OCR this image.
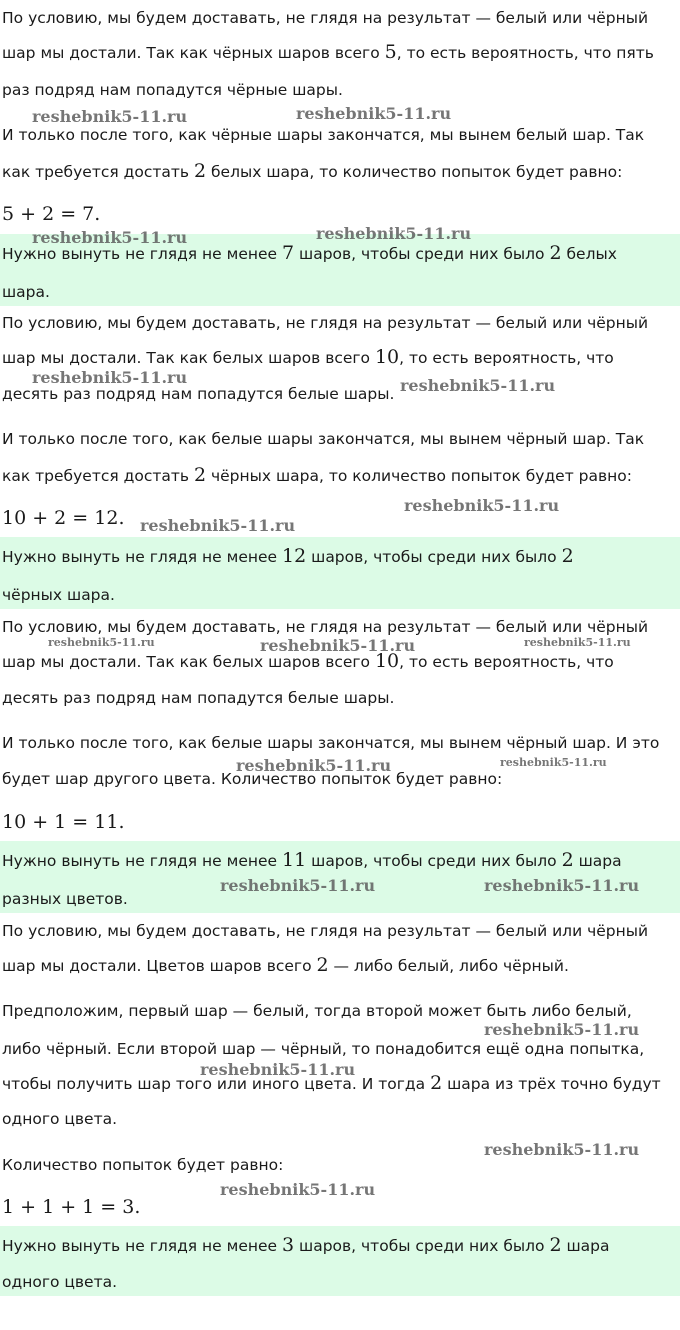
По условию, мы будем доставать, не глядя на результат — белый или чёрный
шар мы достали. Так как чёрных шаров всего 5, то есть вероятность, что пять
раз подряд нам попадутся чёрные шары.
И только после того, как чёрные шары закончатся, мы вынем белый шар. Так
как требуется достать 2 белых шара, то количество попыток будет равно:
5 + 2 = 7.
Нужно вынуть не глядя не менее 7 шаров, чтобы среди них было 2 белых
шара.
По условию, мы будем доставать, не глядя на результат — белый или чёрный
шар мы достали. Так как белых шаров всего 10, то есть вероятность, что
десять раз подряд нам попадутся белые шары.
И только после того, как белые шары закончатся, мы вынем чёрный шар. Так
как требуется достать 2 чёрных шара, то количество попыток будет равно:
10 + 2 = 12.
Нужно вынуть не глядя не менее 12 шаров, чтобы среди них было 2
чёрных шара.
По условию, мы будем доставать, не глядя на результат — белый или чёрный
шар мы достали. Так как белых шаров всего 10, то есть вероятность, что
десять раз подряд нам попадутся белые шары.
И только после того, как белые шары закончатся, мы вынем чёрный шар. И это
будет шар другого цвета. Количество попыток будет равно:
10 + 1 = 11.
Нужно вынуть не глядя не менее 11 шаров, чтобы среди них было 2 шара
разных цветов.
По условию, мы будем доставать, не глядя на результат — белый или чёрный
шар мы достали. Цветов шаров всего 2 — либо белый, либо чёрный.
Предположим, первый шар — белый, тогда второй может быть либо белый,
либо чёрный. Если второй шар — чёрный, то понадобится ещё одна попытка,
чтобы получить шар того или иного цвета. И тогда 2 шара из трёх точно будут
одного цвета.
Количество попыток будет равно:
1 + 1 + 1 = 3.
Нужно вынуть не глядя не менее 3 шаров, чтобы среди них было 2 шара
одного цвета.
reshebnik5-11.ru	reshebnik5-11.ru
reshebnik5-11.ru	reshebnik5-11.ru
reshebnik5-11.ru	reshebnik5-11.ru
reshebnik5-11.ru
reshebnik5-11.ru
reshebnik5-11.ru	reshebnik5-11.ru	reshebnik5-11.ru
reshebnik5-11.ru	reshebnik5-11.ru
reshebnik5-11.ru	reshebnik5-11.ru
reshebnik5-11.ru
reshebnik5-11.ru
reshebnik5-11.ru
reshebnik5-11.ru
